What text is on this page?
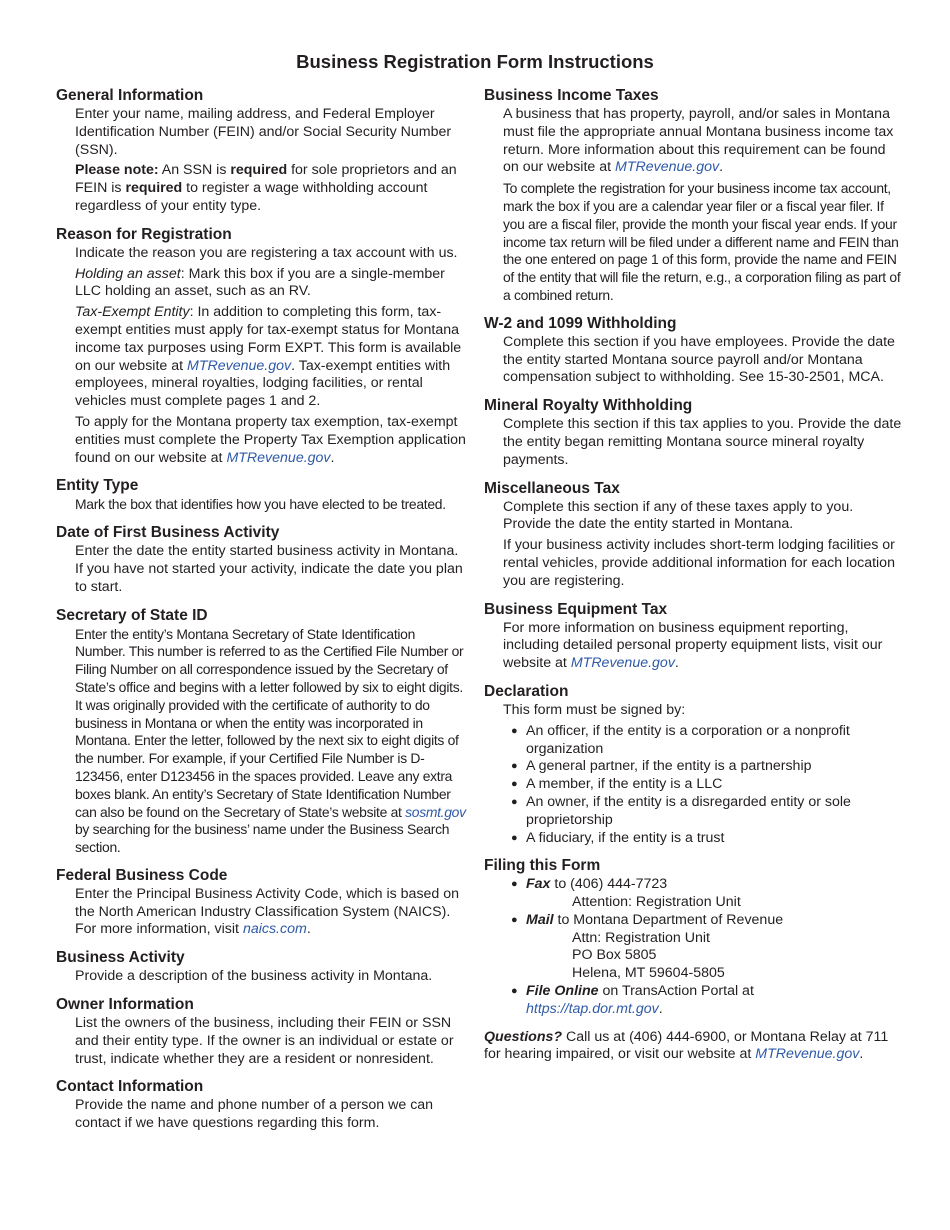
Business Registration Form Instructions
General Information

Enter your name, mailing address, and Federal Employer Identification Number (FEIN) and/or Social Security Number (SSN).

Please note: An SSN is required for sole proprietors and an FEIN is required to register a wage withholding account regardless of your entity type.

Reason for Registration

Indicate the reason you are registering a tax account with us.

Holding an asset: Mark this box if you are a single-member LLC holding an asset, such as an RV.

Tax-Exempt Entity: In addition to completing this form, tax-exempt entities must apply for tax-exempt status for Montana income tax purposes using Form EXPT. This form is available on our website at MTRevenue.gov. Tax-exempt entities with employees, mineral royalties, lodging facilities, or rental vehicles must complete pages 1 and 2.

To apply for the Montana property tax exemption, tax-exempt entities must complete the Property Tax Exemption application found on our website at MTRevenue.gov.

Entity Type

Mark the box that identifies how you have elected to be treated.

Date of First Business Activity

Enter the date the entity started business activity in Montana. If you have not started your activity, indicate the date you plan to start.

Secretary of State ID

Enter the entity’s Montana Secretary of State Identification Number. This number is referred to as the Certified File Number or Filing Number on all correspondence issued by the Secretary of State’s office and begins with a letter followed by six to eight digits. It was originally provided with the certificate of authority to do business in Montana or when the entity was incorporated in Montana. Enter the letter, followed by the next six to eight digits of the number. For example, if your Certified File Number is D-123456, enter D123456 in the spaces provided. Leave any extra boxes blank. An entity’s Secretary of State Identification Number can also be found on the Secretary of State’s website at sosmt.gov by searching for the business’ name under the Business Search section.

Federal Business Code

Enter the Principal Business Activity Code, which is based on the North American Industry Classification System (NAICS). For more information, visit naics.com.

Business Activity

Provide a description of the business activity in Montana.

Owner Information

List the owners of the business, including their FEIN or SSN and their entity type. If the owner is an individual or estate or trust, indicate whether they are a resident or nonresident.

Contact Information

Provide the name and phone number of a person we can contact if we have questions regarding this form.

Business Income Taxes

A business that has property, payroll, and/or sales in Montana must file the appropriate annual Montana business income tax return. More information about this requirement can be found on our website at MTRevenue.gov.

To complete the registration for your business income tax account, mark the box if you are a calendar year filer or a fiscal year filer. If you are a fiscal filer, provide the month your fiscal year ends. If your income tax return will be filed under a different name and FEIN than the one entered on page 1 of this form, provide the name and FEIN of the entity that will file the return, e.g., a corporation filing as part of a combined return.

W-2 and 1099 Withholding

Complete this section if you have employees. Provide the date the entity started Montana source payroll and/or Montana compensation subject to withholding. See 15-30-2501, MCA.

Mineral Royalty Withholding

Complete this section if this tax applies to you. Provide the date the entity began remitting Montana source mineral royalty payments.

Miscellaneous Tax

Complete this section if any of these taxes apply to you. Provide the date the entity started in Montana.

If your business activity includes short-term lodging facilities or rental vehicles, provide additional information for each location you are registering.

Business Equipment Tax

For more information on business equipment reporting, including detailed personal property equipment lists, visit our website at MTRevenue.gov.

Declaration

This form must be signed by:

● An officer, if the entity is a corporation or a nonprofit organization
● A general partner, if the entity is a partnership
● A member, if the entity is a LLC
● An owner, if the entity is a disregarded entity or sole proprietorship
● A fiduciary, if the entity is a trust
Filing this Form
● Fax to (406) 444-7723
Attention: Registration Unit
● Mail to Montana Department of Revenue
Attn: Registration Unit
PO Box 5805
Helena, MT 59604-5805
● File Online on TransAction Portal at
https://tap.dor.mt.gov.
Questions? Call us at (406) 444-6900, or Montana Relay at 711 for hearing impaired, or visit our website at MTRevenue.gov.
